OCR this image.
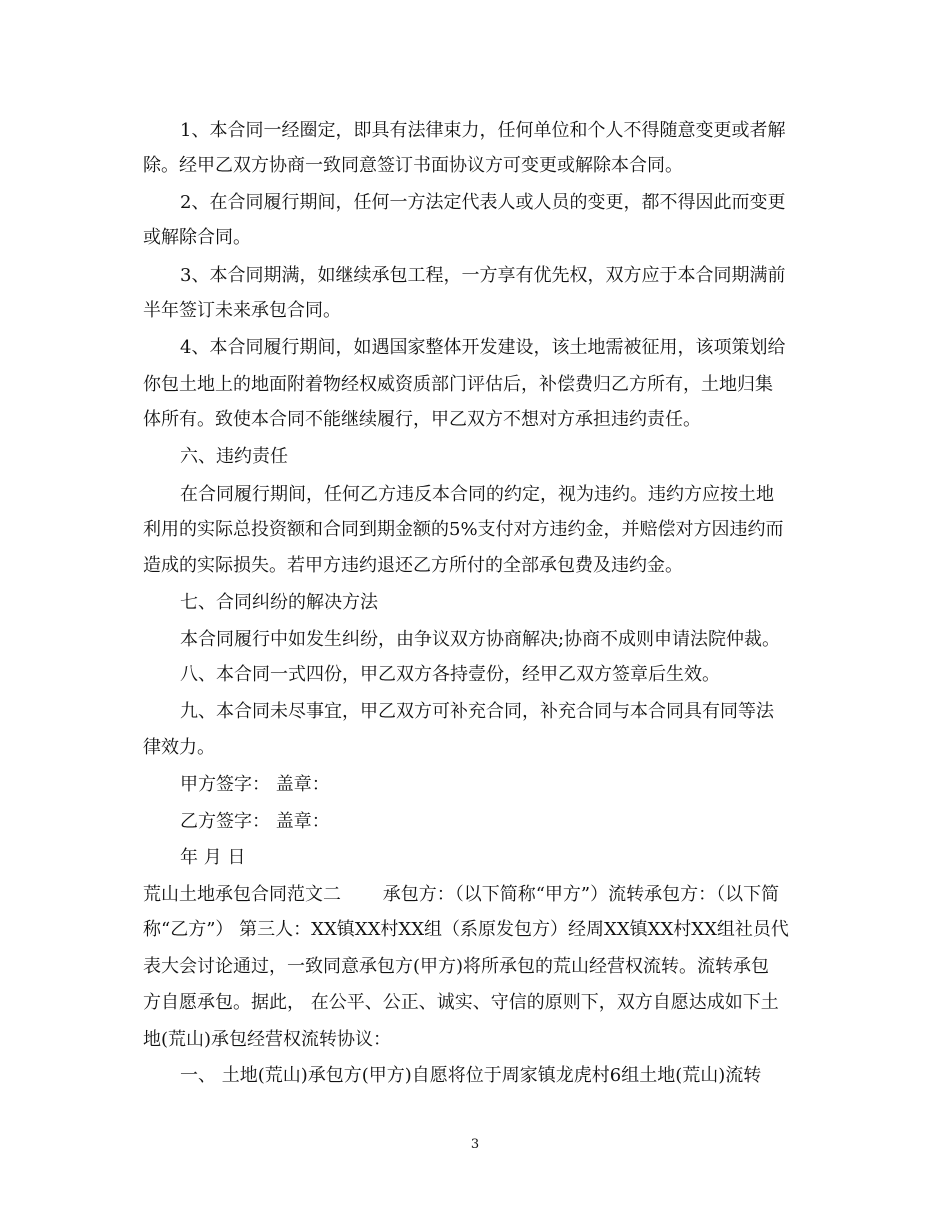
1、本合同一经圈定，即具有法律束力，任何单位和个人不得随意变更或者解
除。经甲乙双方协商一致同意签订书面协议方可变更或解除本合同。
2、在合同履行期间，任何一方法定代表人或人员的变更，都不得因此而变更
或解除合同。
3、本合同期满，如继续承包工程，一方享有优先权，双方应于本合同期满前
半年签订未来承包合同。
4、本合同履行期间，如遇国家整体开发建设，该土地需被征用，该项策划给
你包土地上的地面附着物经权威资质部门评估后，补偿费归乙方所有，土地归集
体所有。致使本合同不能继续履行，甲乙双方不想对方承担违约责任。
六、违约责任
在合同履行期间，任何乙方违反本合同的约定，视为违约。违约方应按土地
利用的实际总投资额和合同到期金额的5%支付对方违约金，并赔偿对方因违约而
造成的实际损失。若甲方违约退还乙方所付的全部承包费及违约金。
七、合同纠纷的解决方法
本合同履行中如发生纠纷，由争议双方协商解决;协商不成则申请法院仲裁。
八、本合同一式四份，甲乙双方各持壹份，经甲乙双方签章后生效。
九、本合同未尽事宜，甲乙双方可补充合同，补充合同与本合同具有同等法
律效力。
甲方签字： 盖章：
乙方签字： 盖章：
年 月 日
荒山土地承包合同范文二　　 承包方：（以下简称“甲方”）流转承包方：（以下简
称“乙方”） 第三人：XX镇XX村XX组（系原发包方）经周XX镇XX村XX组社员代
表大会讨论通过，一致同意承包方(甲方)将所承包的荒山经营权流转。流转承包
方自愿承包。据此， 在公平、公正、诚实、守信的原则下，双方自愿达成如下土
地(荒山)承包经营权流转协议：
一、 土地(荒山)承包方(甲方)自愿将位于周家镇龙虎村6组土地(荒山)流转
3
